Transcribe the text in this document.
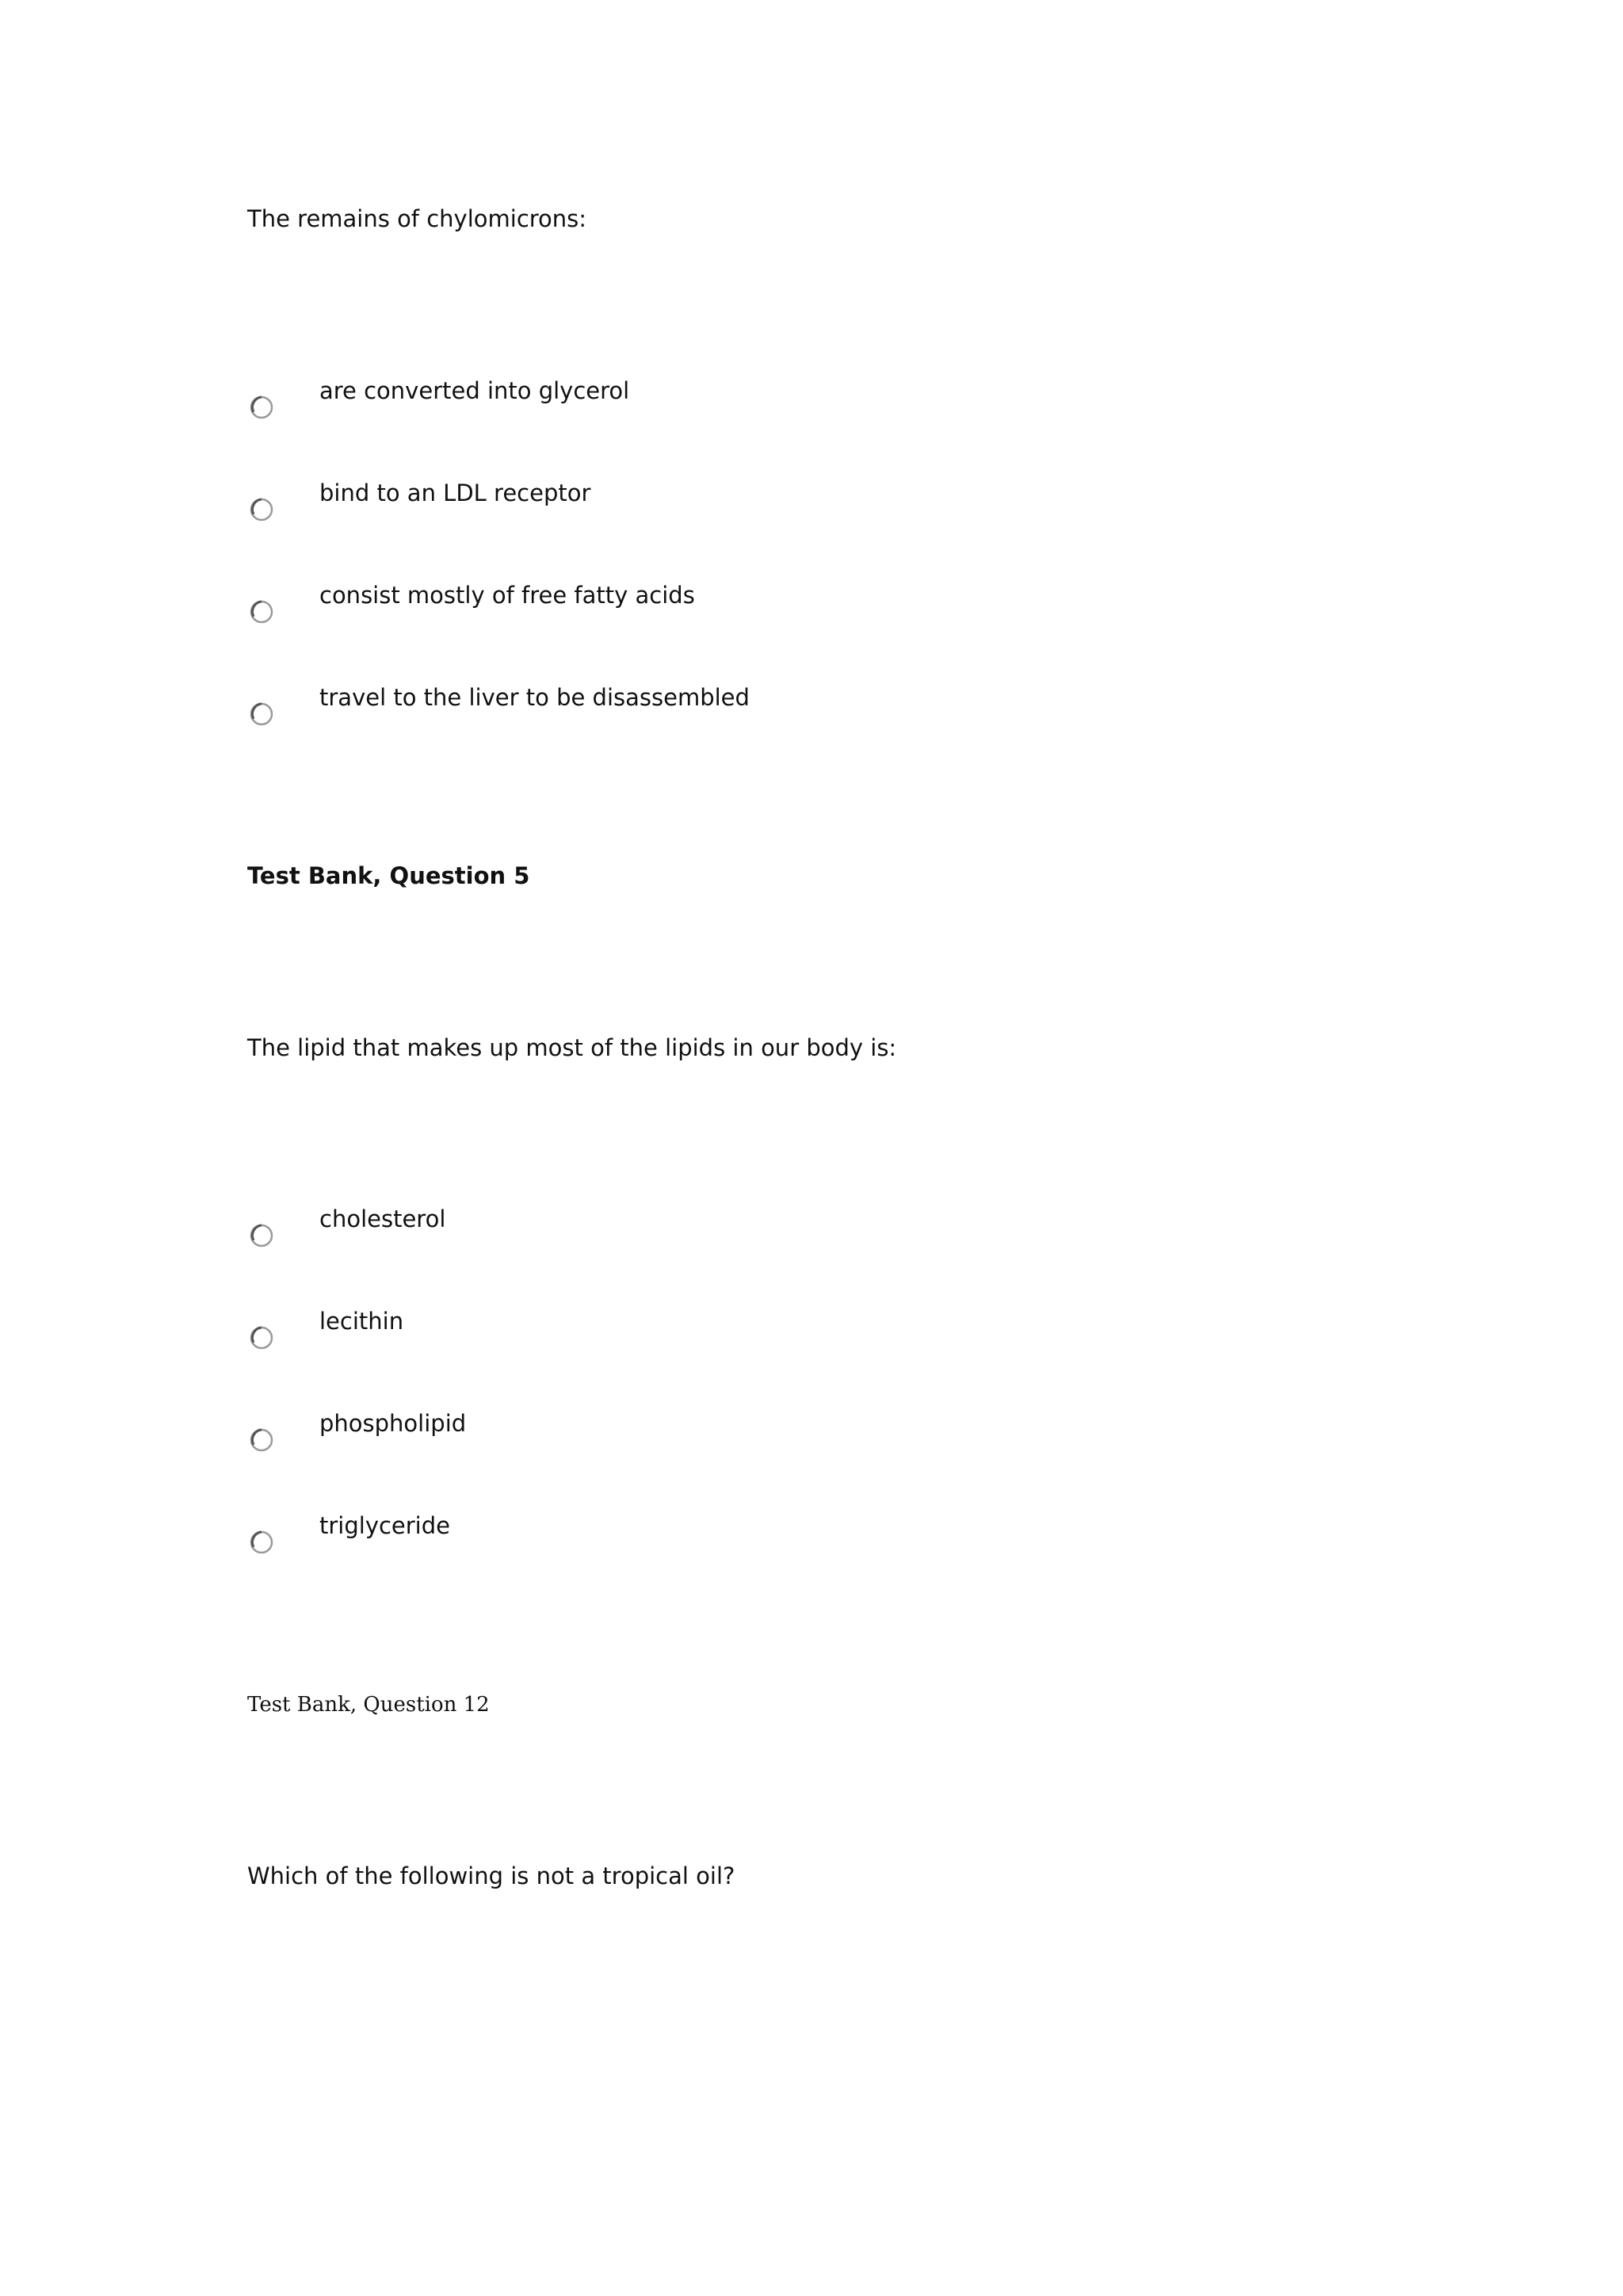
The remains of chylomicrons:
are converted into glycerol
bind to an LDL receptor
consist mostly of free fatty acids
travel to the liver to be disassembled
Test Bank, Question 5
The lipid that makes up most of the lipids in our body is:
cholesterol
lecithin
phospholipid
triglyceride
Test Bank, Question 12
Which of the following is not a tropical oil?
